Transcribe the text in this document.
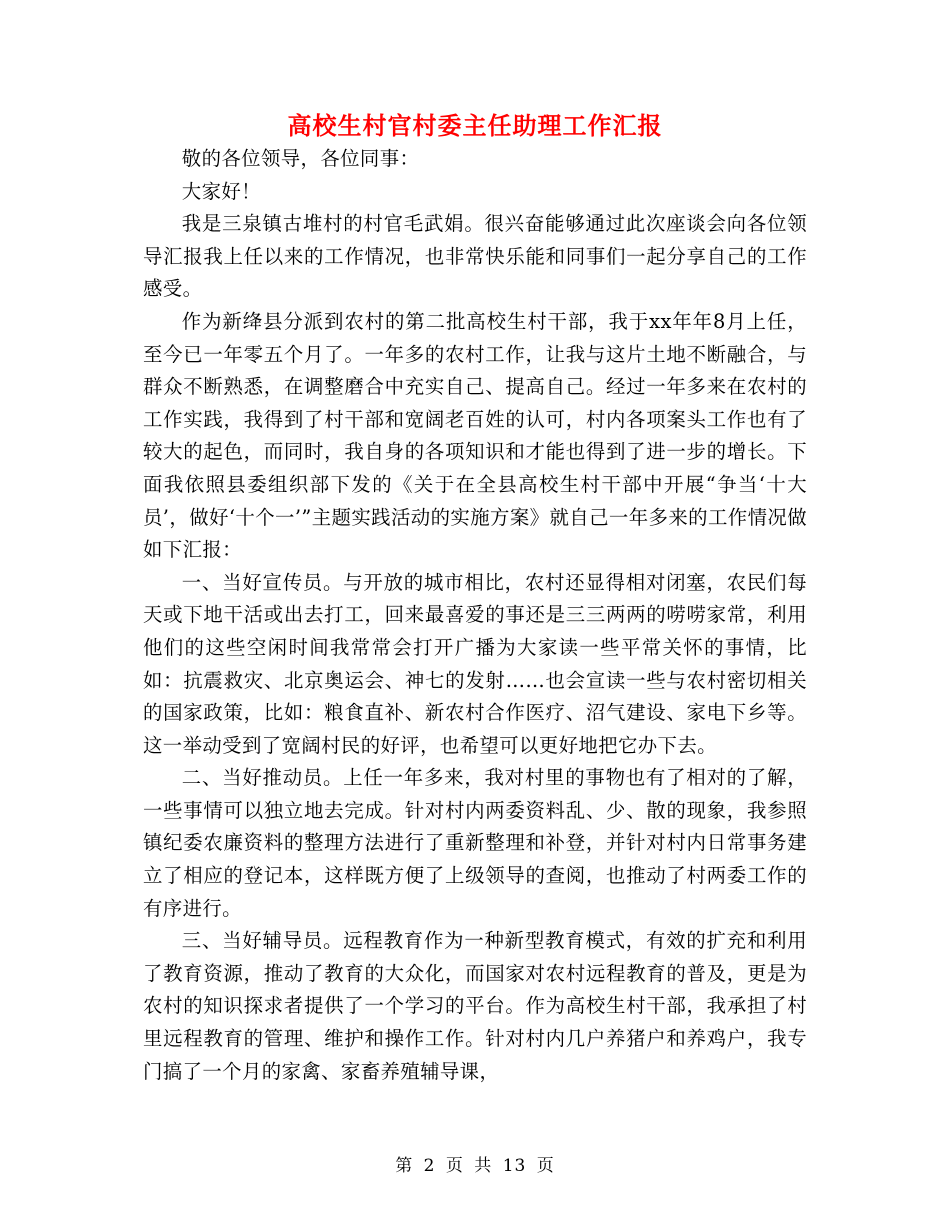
高校生村官村委主任助理工作汇报

敬的各位领导，各位同事：

大家好！

我是三泉镇古堆村的村官毛武娟。很兴奋能够通过此次座谈会向各位领导汇报我上任以来的工作情况，也非常快乐能和同事们一起分享自己的工作感受。

作为新绛县分派到农村的第二批高校生村干部，我于xx年年8月上任，至今已一年零五个月了。一年多的农村工作，让我与这片土地不断融合，与群众不断熟悉，在调整磨合中充实自己、提高自己。经过一年多来在农村的工作实践，我得到了村干部和宽阔老百姓的认可，村内各项案头工作也有了较大的起色，而同时，我自身的各项知识和才能也得到了进一步的增长。下面我依照县委组织部下发的《关于在全县高校生村干部中开展“争当‘十大员’，做好‘十个一’”主题实践活动的实施方案》就自己一年多来的工作情况做如下汇报：

一、当好宣传员。与开放的城市相比，农村还显得相对闭塞，农民们每天或下地干活或出去打工，回来最喜爱的事还是三三两两的唠唠家常，利用他们的这些空闲时间我常常会打开广播为大家读一些平常关怀的事情，比如：抗震救灾、北京奥运会、神七的发射……也会宣读一些与农村密切相关的国家政策，比如：粮食直补、新农村合作医疗、沼气建设、家电下乡等。这一举动受到了宽阔村民的好评，也希望可以更好地把它办下去。

二、当好推动员。上任一年多来，我对村里的事物也有了相对的了解，一些事情可以独立地去完成。针对村内两委资料乱、少、散的现象，我参照镇纪委农廉资料的整理方法进行了重新整理和补登，并针对村内日常事务建立了相应的登记本，这样既方便了上级领导的查阅，也推动了村两委工作的有序进行。

三、当好辅导员。远程教育作为一种新型教育模式，有效的扩充和利用了教育资源，推动了教育的大众化，而国家对农村远程教育的普及，更是为农村的知识探求者提供了一个学习的平台。作为高校生村干部，我承担了村里远程教育的管理、维护和操作工作。针对村内几户养猪户和养鸡户，我专门搞了一个月的家禽、家畜养殖辅导课，

第 2 页 共 13 页
